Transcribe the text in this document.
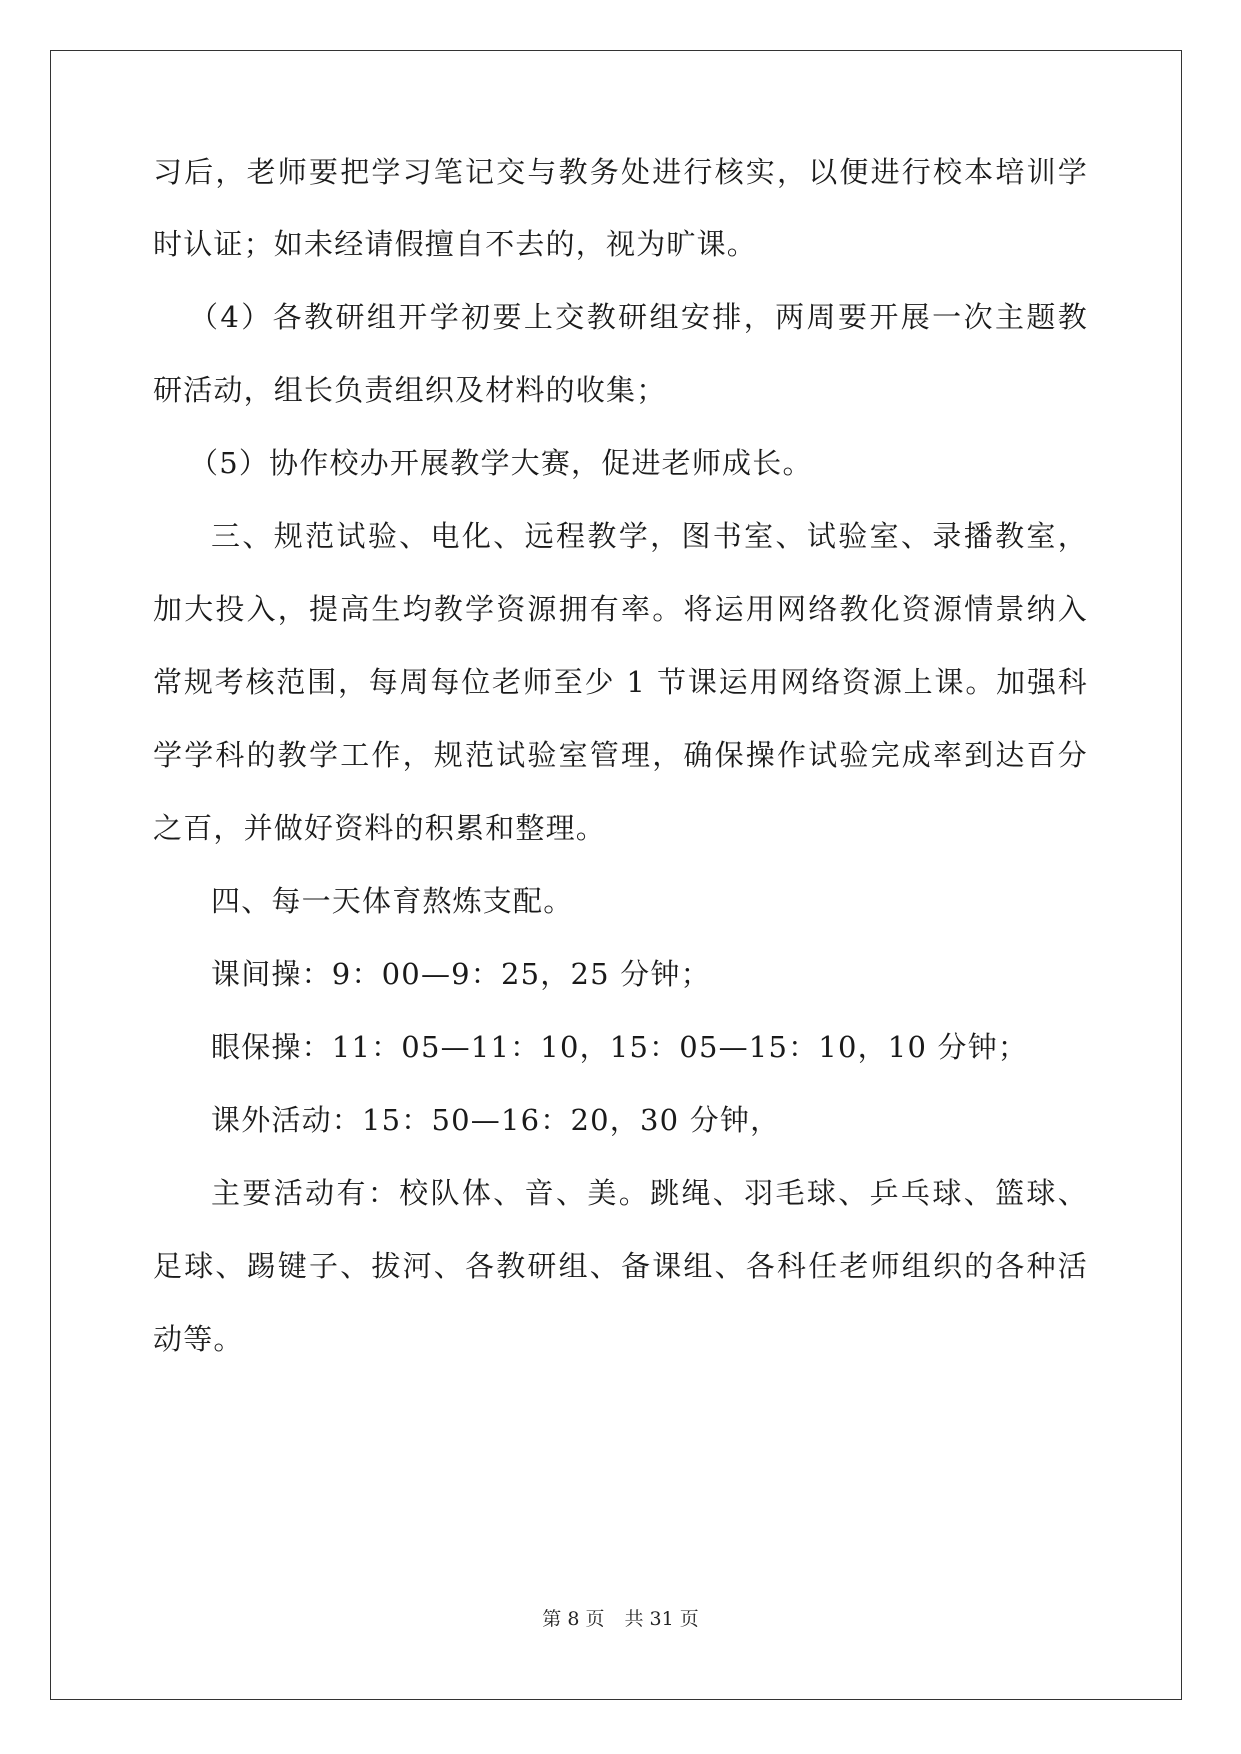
习后，老师要把学习笔记交与教务处进行核实，以便进行校本培训学
时认证；如未经请假擅自不去的，视为旷课。
（4）各教研组开学初要上交教研组安排，两周要开展一次主题教
研活动，组长负责组织及材料的收集；
（5）协作校办开展教学大赛，促进老师成长。
三、规范试验、电化、远程教学，图书室、试验室、录播教室，
加大投入，提高生均教学资源拥有率。将运用网络教化资源情景纳入
常规考核范围，每周每位老师至少 1 节课运用网络资源上课。加强科
学学科的教学工作，规范试验室管理，确保操作试验完成率到达百分
之百，并做好资料的积累和整理。
四、每一天体育熬炼支配。
课间操：9：00—9：25，25 分钟；
眼保操：11：05—11：10，15：05—15：10，10 分钟；
课外活动：15：50—16：20，30 分钟，
主要活动有：校队体、音、美。跳绳、羽毛球、乒乓球、篮球、
足球、踢键子、拔河、各教研组、备课组、各科任老师组织的各种活
动等。
第 8 页 共 31 页
